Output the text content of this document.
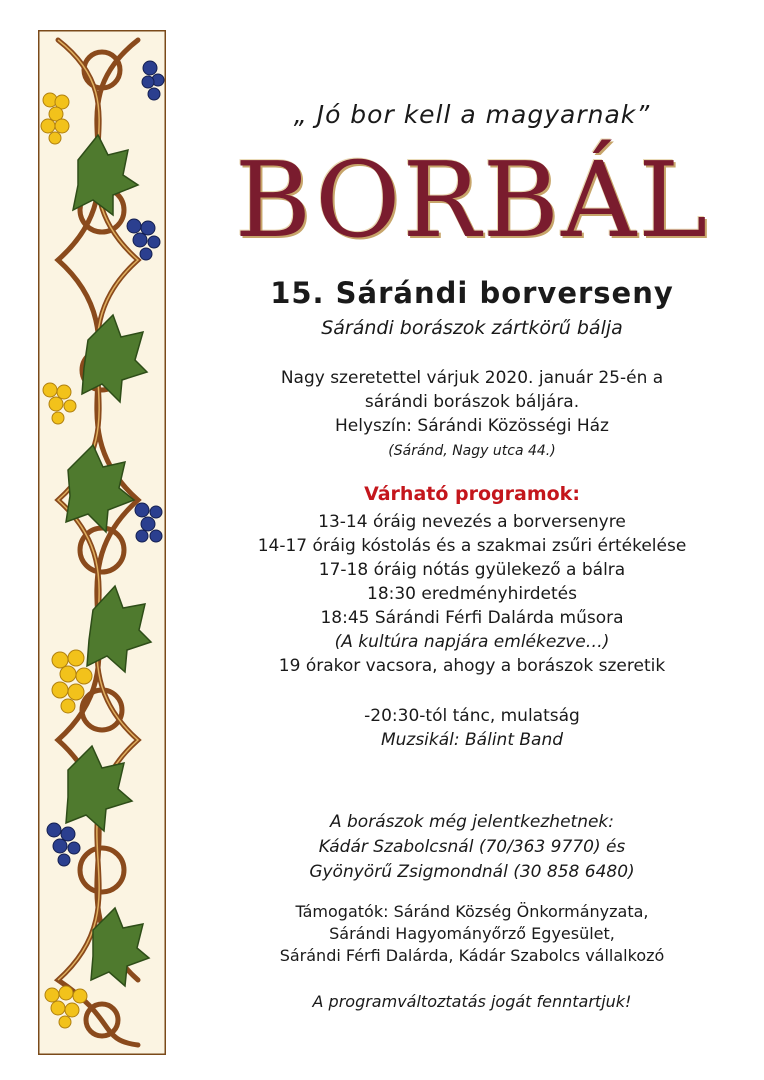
„ Jó bor kell a magyarnak”
BORBÁL
15. Sárándi borverseny
Sárándi borászok zártkörű bálja
Nagy szeretettel várjuk 2020. január 25-én a
sárándi borászok báljára.
Helyszín: Sárándi Közösségi Ház
(Sáránd, Nagy utca 44.)
Várható programok:
13-14 óráig nevezés a borversenyre
14-17 óráig kóstolás és a szakmai zsűri értékelése
17-18 óráig nótás gyülekező a bálra
18:30 eredményhirdetés
18:45 Sárándi Férfi Dalárda műsora
(A kultúra napjára emlékezve…)
19 órakor vacsora, ahogy a borászok szeretik
-20:30-tól tánc, mulatság
Muzsikál: Bálint Band
A borászok még jelentkezhetnek:
Kádár Szabolcsnál (70/363 9770) és
Gyönyörű Zsigmondnál (30 858 6480)
Támogatók: Sáránd Község Önkormányzata,
Sárándi Hagyományőrző Egyesület,
Sárándi Férfi Dalárda, Kádár Szabolcs vállalkozó
A programváltoztatás jogát fenntartjuk!
